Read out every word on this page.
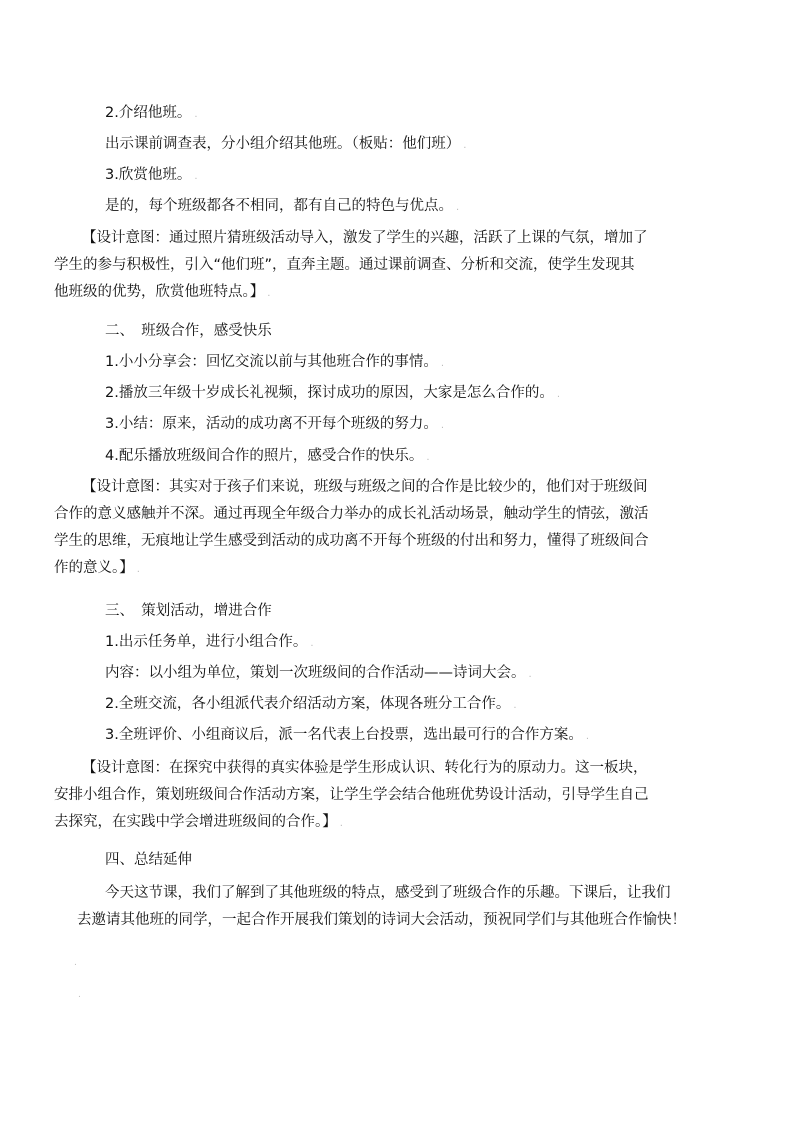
2.介绍他班。 .

出示课前调查表，分小组介绍其他班。（板贴：他们班） .

3.欣赏他班。 .

是的，每个班级都各不相同，都有自己的特色与优点。 .

【设计意图：通过照片猜班级活动导入，激发了学生的兴趣，活跃了上课的气氛，增加了
学生的参与积极性，引入“他们班”，直奔主题。通过课前调查、分析和交流，使学生发现其
他班级的优势，欣赏他班特点。】 .

二、　班级合作，感受快乐

1.小小分享会：回忆交流以前与其他班合作的事情。 .

2.播放三年级十岁成长礼视频，探讨成功的原因，大家是怎么合作的。 .

3.小结：原来，活动的成功离不开每个班级的努力。 .

4.配乐播放班级间合作的照片，感受合作的快乐。 .

【设计意图：其实对于孩子们来说，班级与班级之间的合作是比较少的，他们对于班级间
合作的意义感触并不深。通过再现全年级合力举办的成长礼活动场景，触动学生的情弦，激活
学生的思维，无痕地让学生感受到活动的成功离不开每个班级的付出和努力，懂得了班级间合
作的意义。】 .

三、　策划活动，增进合作

1.出示任务单，进行小组合作。 .

内容：以小组为单位，策划一次班级间的合作活动——诗词大会。 .

2.全班交流，各小组派代表介绍活动方案，体现各班分工合作。 .

3.全班评价、小组商议后，派一名代表上台投票，选出最可行的合作方案。 .

【设计意图：在探究中获得的真实体验是学生形成认识、转化行为的原动力。这一板块，
安排小组合作，策划班级间合作活动方案，让学生学会结合他班优势设计活动，引导学生自己
去探究，在实践中学会增进班级间的合作。】 .

四、总结延伸

今天这节课，我们了解到了其他班级的特点，感受到了班级合作的乐趣。下课后，让我们
去邀请其他班的同学，一起合作开展我们策划的诗词大会活动，预祝同学们与其他班合作愉快！
.
.
